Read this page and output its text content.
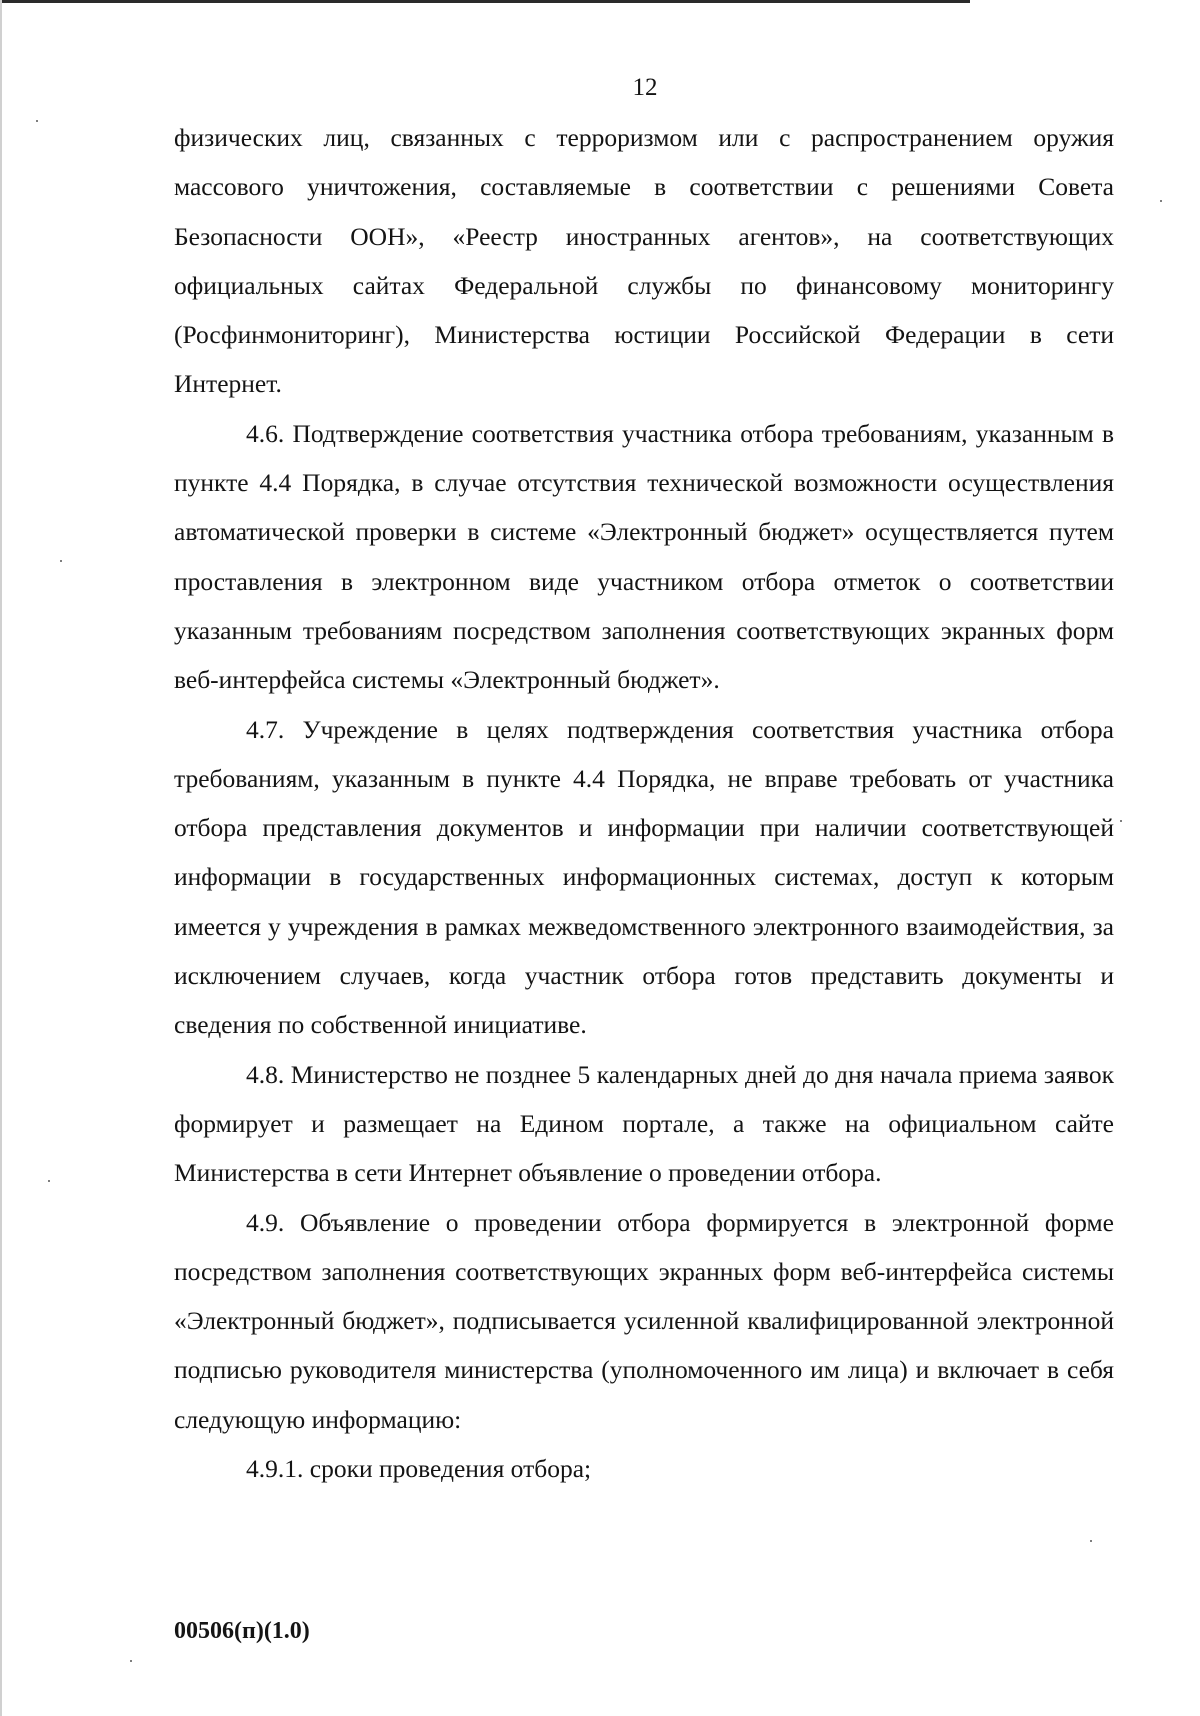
12

физических лиц, связанных с терроризмом или с распространением оружия массового уничтожения, составляемые в соответствии с решениями Совета Безопасности ООН», «Реестр иностранных агентов», на соответствующих официальных сайтах Федеральной службы по финансовому мониторингу (Росфинмониторинг), Министерства юстиции Российской Федерации в сети Интернет.

4.6. Подтверждение соответствия участника отбора требованиям, указанным в пункте 4.4 Порядка, в случае отсутствия технической возможности осуществления автоматической проверки в системе «Электронный бюджет» осуществляется путем проставления в электронном виде участником отбора отметок о соответствии указанным требованиям посредством заполнения соответствующих экранных форм веб-интерфейса системы «Электронный бюджет».

4.7. Учреждение в целях подтверждения соответствия участника отбора требованиям, указанным в пункте 4.4 Порядка, не вправе требовать от участника отбора представления документов и информации при наличии соответствующей информации в государственных информационных системах, доступ к которым имеется у учреждения в рамках межведомственного электронного взаимодействия, за исключением случаев, когда участник отбора готов представить документы и сведения по собственной инициативе.

4.8. Министерство не позднее 5 календарных дней до дня начала приема заявок формирует и размещает на Едином портале, а также на официальном сайте Министерства в сети Интернет объявление о проведении отбора.

4.9. Объявление о проведении отбора формируется в электронной форме посредством заполнения соответствующих экранных форм веб-интерфейса системы «Электронный бюджет», подписывается усиленной квалифицированной электронной подписью руководителя министерства (уполномоченного им лица) и включает в себя следующую информацию:

4.9.1. сроки проведения отбора;

00506(п)(1.0)
